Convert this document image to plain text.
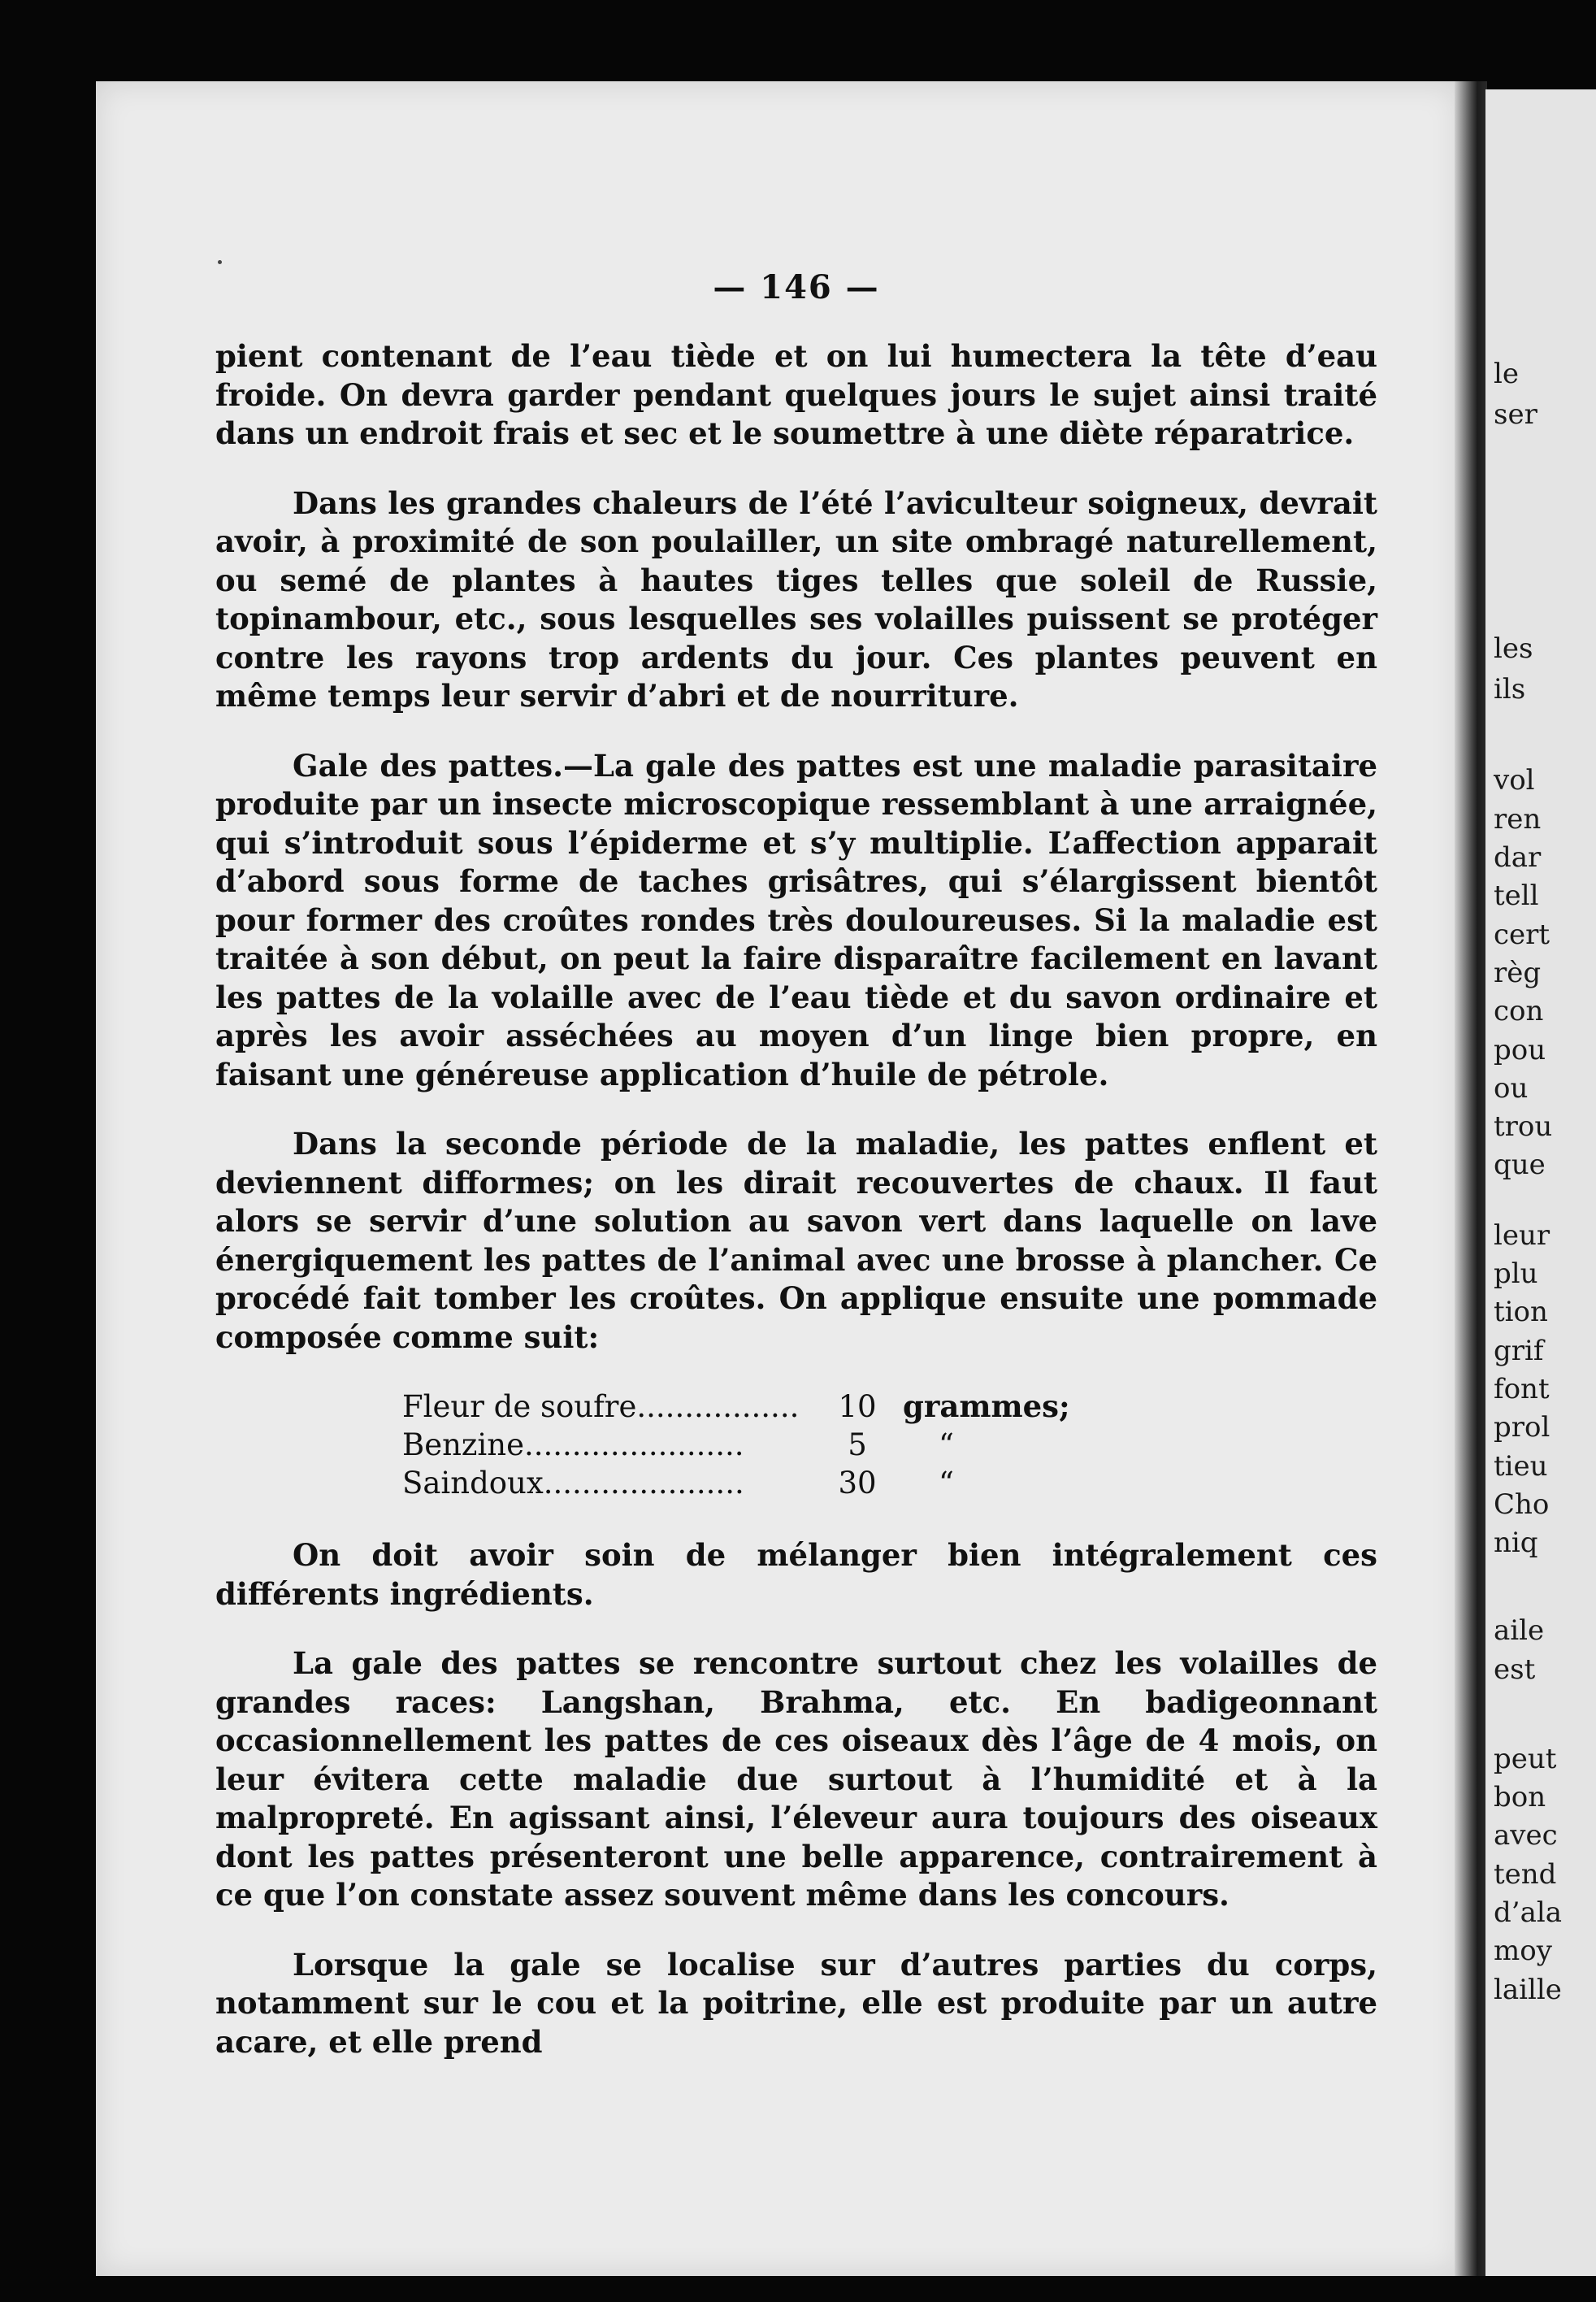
le
ser
les
ils
vol
ren
dar
tell
cert
règ
con
pou
ou
trou
que
leur
plu
tion
grif
font
prol
tieu
Cho
niq
aile
est
peut
bon
avec
tend
d’ala
moy
laille
— 146 —

pient contenant de l’eau tiède et on lui humectera la tête d’eau froide. On devra garder pendant quelques jours le sujet ainsi traité dans un endroit frais et sec et le soumettre à une diète réparatrice.

Dans les grandes chaleurs de l’été l’aviculteur soigneux, devrait avoir, à proximité de son poulailler, un site ombragé naturellement, ou semé de plantes à hautes tiges telles que soleil de Russie, topinambour, etc., sous lesquelles ses volailles puissent se protéger contre les rayons trop ardents du jour. Ces plantes peuvent en même temps leur servir d’abri et de nourriture.

Gale des pattes.—La gale des pattes est une maladie parasitaire produite par un insecte microscopique ressemblant à une arraignée, qui s’introduit sous l’épiderme et s’y multiplie. L’affection apparait d’abord sous forme de taches grisâtres, qui s’élargissent bientôt pour former des croûtes rondes très douloureuses. Si la maladie est traitée à son début, on peut la faire disparaître facilement en lavant les pattes de la volaille avec de l’eau tiède et du savon ordinaire et après les avoir asséchées au moyen d’un linge bien propre, en faisant une généreuse application d’huile de pétrole.

Dans la seconde période de la maladie, les pattes enflent et deviennent difformes; on les dirait recouvertes de chaux. Il faut alors se servir d’une solution au savon vert dans laquelle on lave énergiquement les pattes de l’animal avec une brosse à plancher. Ce procédé fait tomber les croûtes. On applique ensuite une pommade composée comme suit:

Fleur de soufre.................	10	grammes;
Benzine.......................	5	“
Saindoux.....................	30	“

On doit avoir soin de mélanger bien intégralement ces différents ingrédients.

La gale des pattes se rencontre surtout chez les volailles de grandes races: Langshan, Brahma, etc. En badigeonnant occasionnellement les pattes de ces oiseaux dès l’âge de 4 mois, on leur évitera cette maladie due surtout à l’humidité et à la malpropreté. En agissant ainsi, l’éleveur aura toujours des oiseaux dont les pattes présenteront une belle apparence, contrairement à ce que l’on constate assez souvent même dans les concours.

Lorsque la gale se localise sur d’autres parties du corps, notamment sur le cou et la poitrine, elle est produite par un autre acare, et elle prend
